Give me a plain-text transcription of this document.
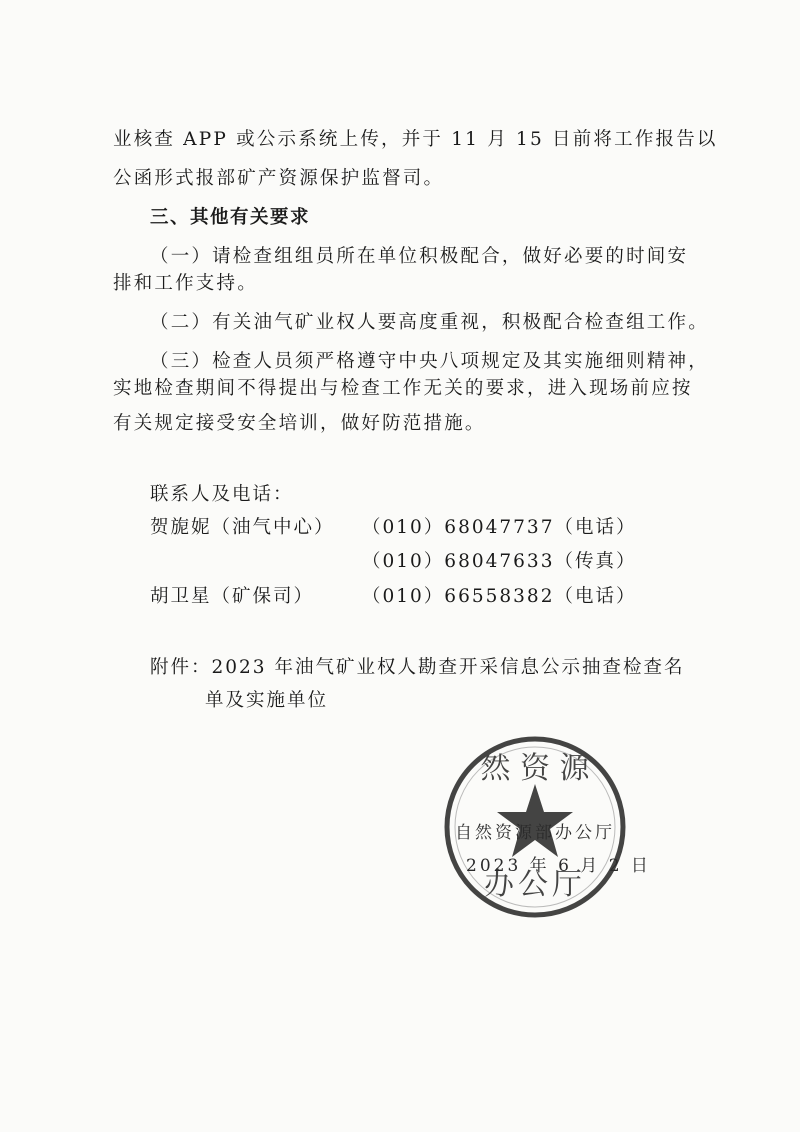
业核查 APP 或公示系统上传，并于 11 月 15 日前将工作报告以
公函形式报部矿产资源保护监督司。
三、其他有关要求
（一）请检查组组员所在单位积极配合，做好必要的时间安
排和工作支持。
（二）有关油气矿业权人要高度重视，积极配合检查组工作。
（三）检查人员须严格遵守中央八项规定及其实施细则精神，
实地检查期间不得提出与检查工作无关的要求，进入现场前应按
有关规定接受安全培训，做好防范措施。
联系人及电话：
贺旎妮（油气中心） （010）68047737（电话）
（010）68047633（传真）
胡卫星（矿保司）	（010）66558382（电话）
附件：2023 年油气矿业权人勘查开采信息公示抽查检查名
单及实施单位
然 资 源
办公厅
自然资源部办公厅
2023 年 6 月 2 日
